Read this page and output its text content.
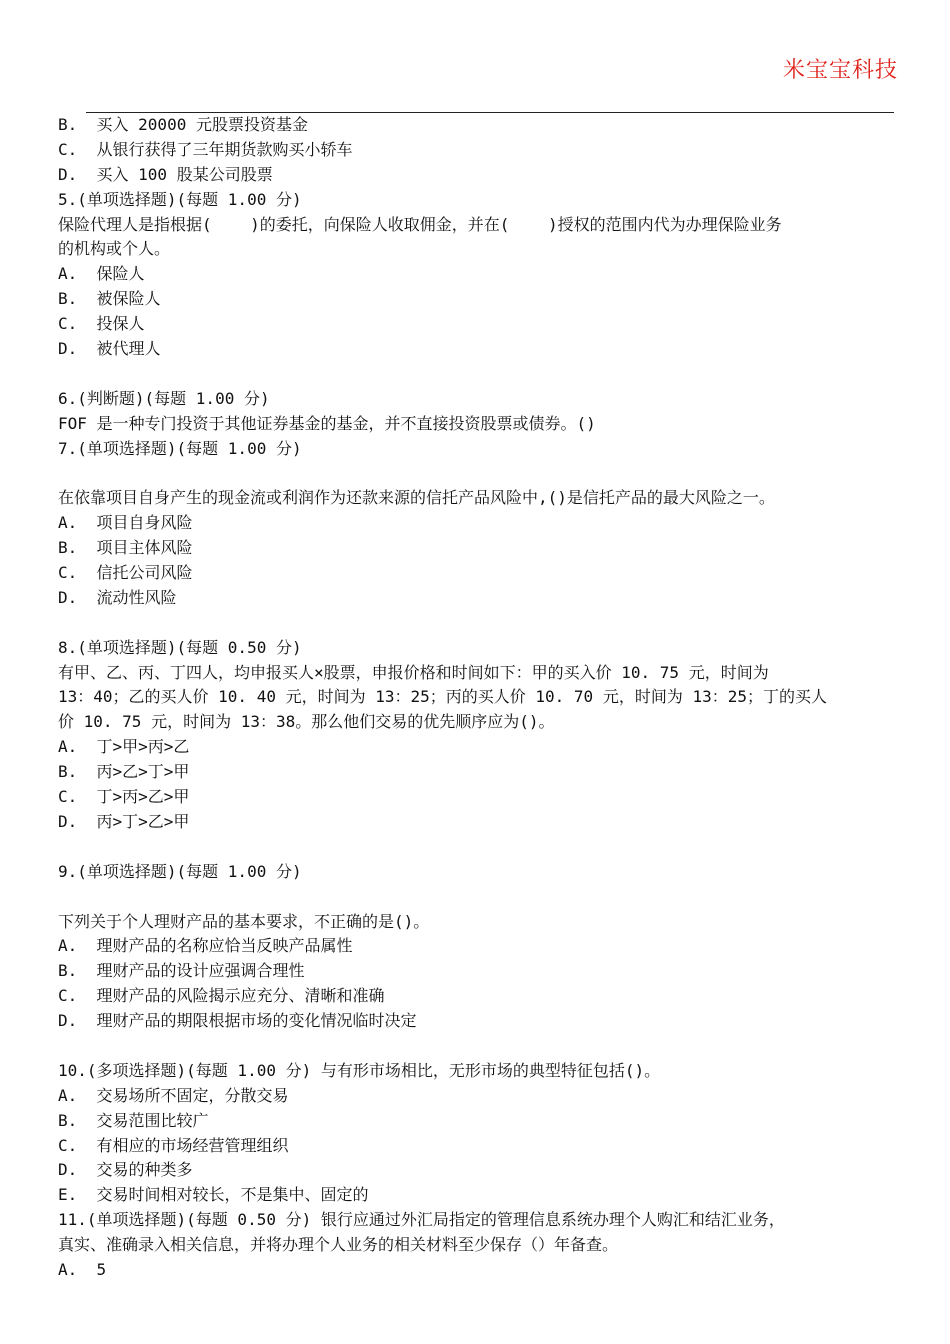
米宝宝科技
B.  买入 20000 元股票投资基金
C.  从银行获得了三年期货款购买小轿车
D.  买入 100 股某公司股票
5.(单项选择题)(每题 1.00 分)
保险代理人是指根据(    )的委托，向保险人收取佣金，并在(    )授权的范围内代为办理保险业务
的机构或个人。
A.  保险人
B.  被保险人
C.  投保人
D.  被代理人
6.(判断题)(每题 1.00 分)
FOF 是一种专门投资于其他证券基金的基金，并不直接投资股票或债券。()
7.(单项选择题)(每题 1.00 分)
在依靠项目自身产生的现金流或利润作为还款来源的信托产品风险中,()是信托产品的最大风险之一。
A.  项目自身风险
B.  项目主体风险
C.  信托公司风险
D.  流动性风险
8.(单项选择题)(每题 0.50 分)
有甲、乙、丙、丁四人，均申报买人×股票，申报价格和时间如下：甲的买入价 10. 75 元，时间为
13：40；乙的买人价 10. 40 元，时间为 13：25；丙的买人价 10. 70 元，时间为 13：25；丁的买人
价 10. 75 元，时间为 13：38。那么他们交易的优先顺序应为()。
A.  丁>甲>丙>乙
B.  丙>乙>丁>甲
C.  丁>丙>乙>甲
D.  丙>丁>乙>甲
9.(单项选择题)(每题 1.00 分)
下列关于个人理财产品的基本要求，不正确的是()。
A.  理财产品的名称应恰当反映产品属性
B.  理财产品的设计应强调合理性
C.  理财产品的风险揭示应充分、清晰和准确
D.  理财产品的期限根据市场的变化情况临时决定
10.(多项选择题)(每题 1.00 分) 与有形市场相比，无形市场的典型特征包括()。
A.  交易场所不固定，分散交易
B.  交易范围比较广
C.  有相应的市场经营管理组织
D.  交易的种类多
E.  交易时间相对较长，不是集中、固定的
11.(单项选择题)(每题 0.50 分) 银行应通过外汇局指定的管理信息系统办理个人购汇和结汇业务，
真实、准确录入相关信息，并将办理个人业务的相关材料至少保存（）年备查。
A.  5
